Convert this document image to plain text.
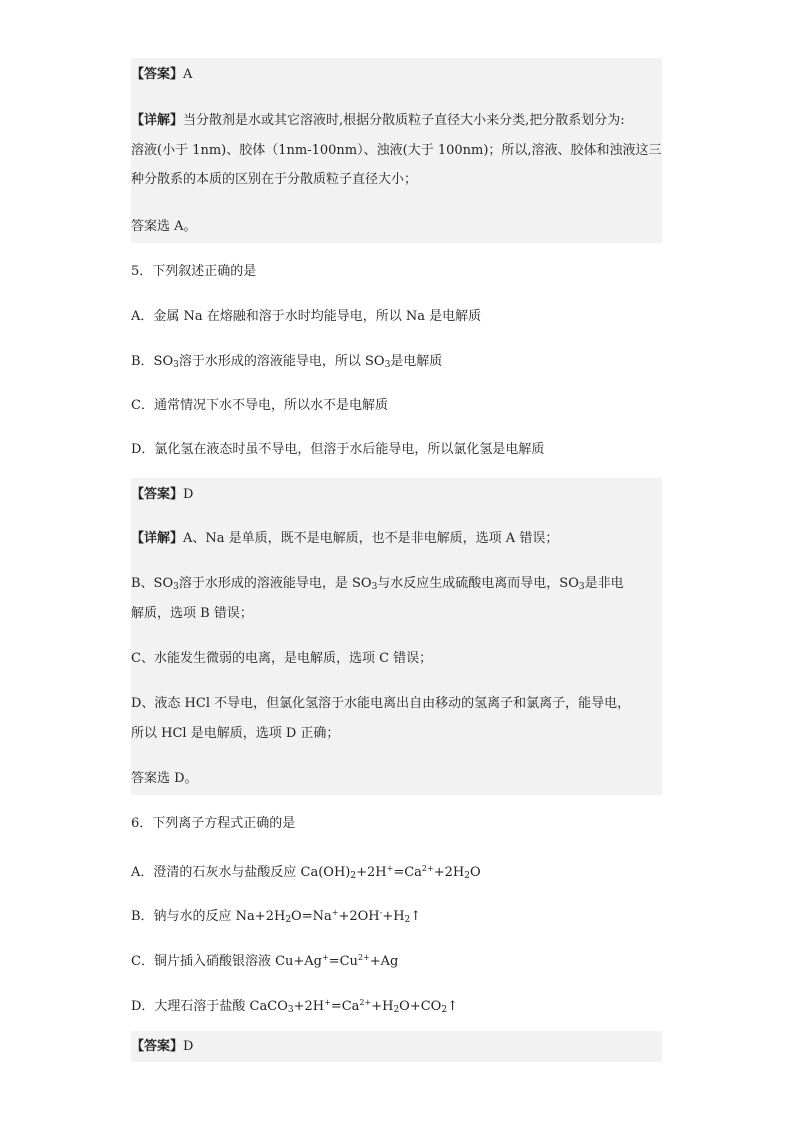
【答案】A
【详解】当分散剂是水或其它溶液时,根据分散质粒子直径大小来分类,把分散系划分为:
溶液(小于 1nm)、胶体（1nm-100nm）、浊液(大于 100nm)；所以,溶液、胶体和浊液这三
种分散系的本质的区别在于分散质粒子直径大小；
答案选 A。
5．下列叙述正确的是
A．金属 Na 在熔融和溶于水时均能导电，所以 Na 是电解质
B．$SO_3$溶于水形成的溶液能导电，所以 $SO_3$是电解质
C．通常情况下水不导电，所以水不是电解质
D．氯化氢在液态时虽不导电，但溶于水后能导电，所以氯化氢是电解质
【答案】D
【详解】A、Na 是单质，既不是电解质，也不是非电解质，选项 A 错误；
B、$SO_3$溶于水形成的溶液能导电，是 $SO_3$与水反应生成硫酸电离而导电，$SO_3$是非电
解质，选项 B 错误；
C、水能发生微弱的电离，是电解质，选项 C 错误；
D、液态 HCl 不导电，但氯化氢溶于水能电离出自由移动的氢离子和氯离子，能导电，
所以 HCl 是电解质，选项 D 正确；
答案选 D。
6．下列离子方程式正确的是
A．澄清的石灰水与盐酸反应 $Ca(OH)_2+2H^+=Ca^{2+}+2H_2O$
B．钠与水的反应 $Na+2H_2O=Na^++2OH^-+H_2↑$
C．铜片插入硝酸银溶液 $Cu+Ag^+=Cu^{2+}+Ag$
D．大理石溶于盐酸 $CaCO_3+2H^+=Ca^{2+}+H_2O+CO_2↑$
【答案】D
